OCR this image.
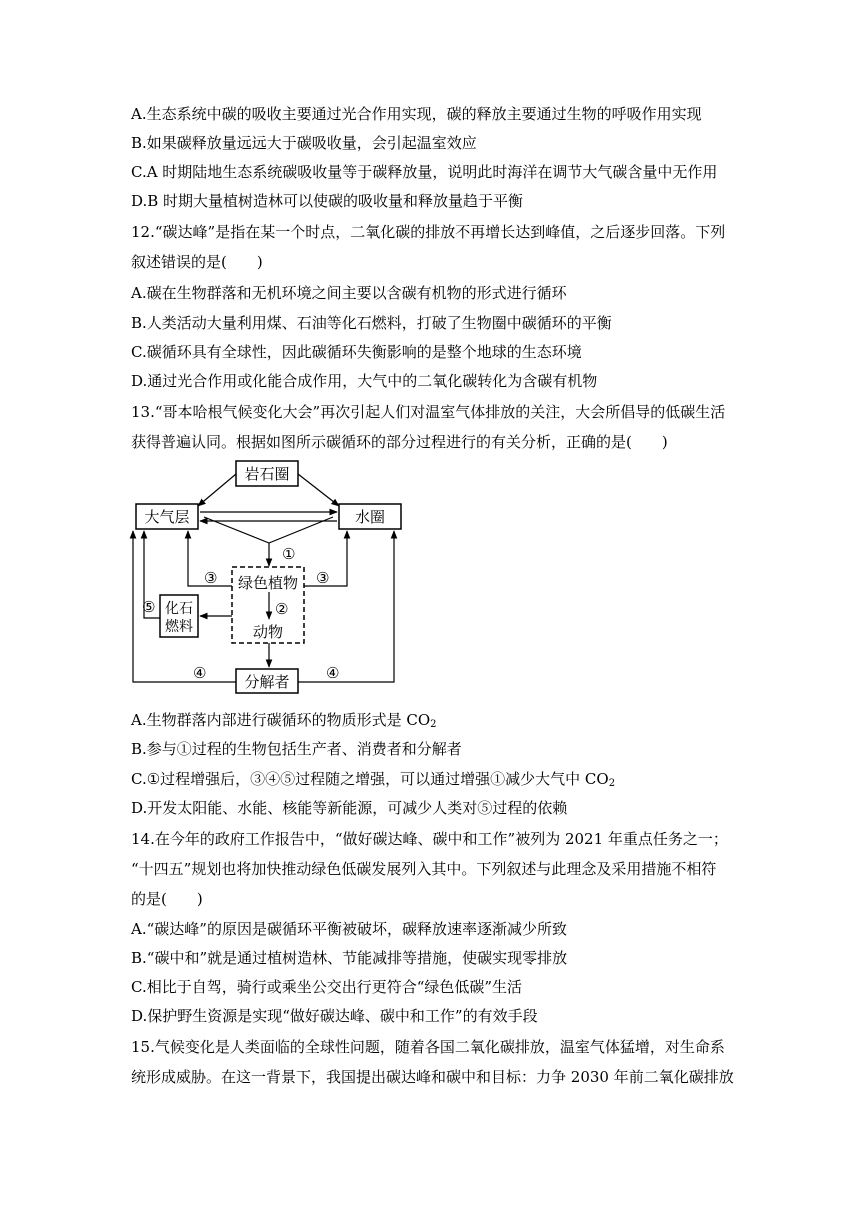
A.生态系统中碳的吸收主要通过光合作用实现，碳的释放主要通过生物的呼吸作用实现
B.如果碳释放量远远大于碳吸收量，会引起温室效应
C.A 时期陆地生态系统碳吸收量等于碳释放量，说明此时海洋在调节大气碳含量中无作用
D.B 时期大量植树造林可以使碳的吸收量和释放量趋于平衡
12.“碳达峰”是指在某一个时点，二氧化碳的排放不再增长达到峰值，之后逐步回落。下列
叙述错误的是(　　)
A.碳在生物群落和无机环境之间主要以含碳有机物的形式进行循环
B.人类活动大量利用煤、石油等化石燃料，打破了生物圈中碳循环的平衡
C.碳循环具有全球性，因此碳循环失衡影响的是整个地球的生态环境
D.通过光合作用或化能合成作用，大气中的二氧化碳转化为含碳有机物
13.“哥本哈根气候变化大会”再次引起人们对温室气体排放的关注，大会所倡导的低碳生活
获得普遍认同。根据如图所示碳循环的部分过程进行的有关分析，正确的是(　　)
岩石圈
大气层	水圈
绿色植物
动物
化石
燃料
分解者
①
③	③
②
⑤
④	④
A.生物群落内部进行碳循环的物质形式是 $CO_2$
B.参与①过程的生物包括生产者、消费者和分解者
C.①过程增强后，③④⑤过程随之增强，可以通过增强①减少大气中 $CO_2$
D.开发太阳能、水能、核能等新能源，可减少人类对⑤过程的依赖
14.在今年的政府工作报告中，“做好碳达峰、碳中和工作”被列为 2021 年重点任务之一；
“十四五”规划也将加快推动绿色低碳发展列入其中。下列叙述与此理念及采用措施不相符
的是(　　)
A.“碳达峰”的原因是碳循环平衡被破坏，碳释放速率逐渐减少所致
B.“碳中和”就是通过植树造林、节能减排等措施，使碳实现零排放
C.相比于自驾，骑行或乘坐公交出行更符合“绿色低碳”生活
D.保护野生资源是实现“做好碳达峰、碳中和工作”的有效手段
15.气候变化是人类面临的全球性问题，随着各国二氧化碳排放，温室气体猛增，对生命系
统形成威胁。在这一背景下，我国提出碳达峰和碳中和目标：力争 2030 年前二氧化碳排放
